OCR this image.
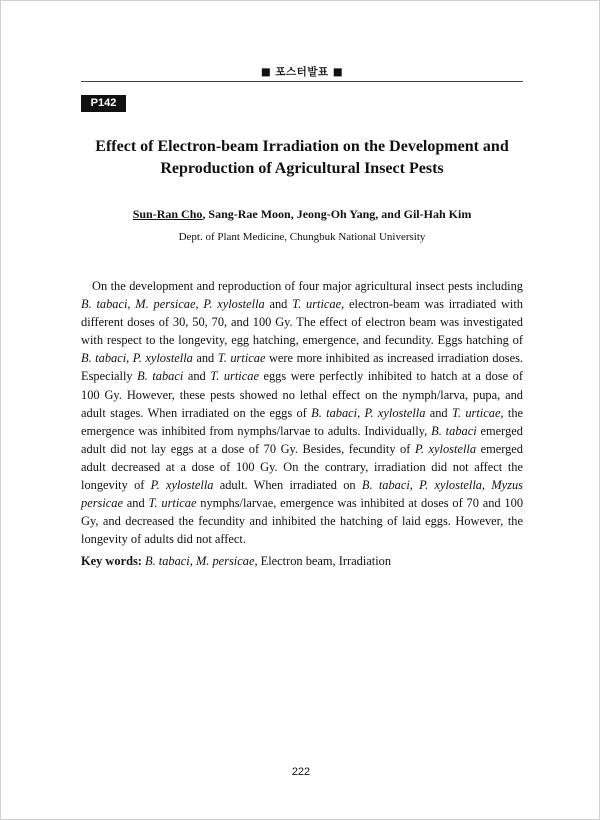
■ 포스터발표 ■
P142
Effect of Electron-beam Irradiation on the Development and
Reproduction of Agricultural Insect Pests
Sun-Ran Cho, Sang-Rae Moon, Jeong-Oh Yang, and Gil-Hah Kim
Dept. of Plant Medicine, Chungbuk National University

On the development and reproduction of four major agricultural insect pests including B. tabaci, M. persicae, P. xylostella and T. urticae, electron-beam was irradiated with different doses of 30, 50, 70, and 100 Gy. The effect of electron beam was investigated with respect to the longevity, egg hatching, emergence, and fecundity. Eggs hatching of B. tabaci, P. xylostella and T. urticae were more inhibited as increased irradiation doses. Especially B. tabaci and T. urticae eggs were perfectly inhibited to hatch at a dose of 100 Gy. However, these pests showed no lethal effect on the nymph/larva, pupa, and adult stages. When irradiated on the eggs of B. tabaci, P. xylostella and T. urticae, the emergence was inhibited from nymphs/larvae to adults. Individually, B. tabaci emerged adult did not lay eggs at a dose of 70 Gy. Besides, fecundity of P. xylostella emerged adult decreased at a dose of 100 Gy. On the contrary, irradiation did not affect the longevity of P. xylostella adult. When irradiated on B. tabaci, P. xylostella, Myzus persicae and T. urticae nymphs/larvae, emergence was inhibited at doses of 70 and 100 Gy, and decreased the fecundity and inhibited the hatching of laid eggs. However, the longevity of adults did not affect.

Key words: B. tabaci, M. persicae, Electron beam, Irradiation
222
